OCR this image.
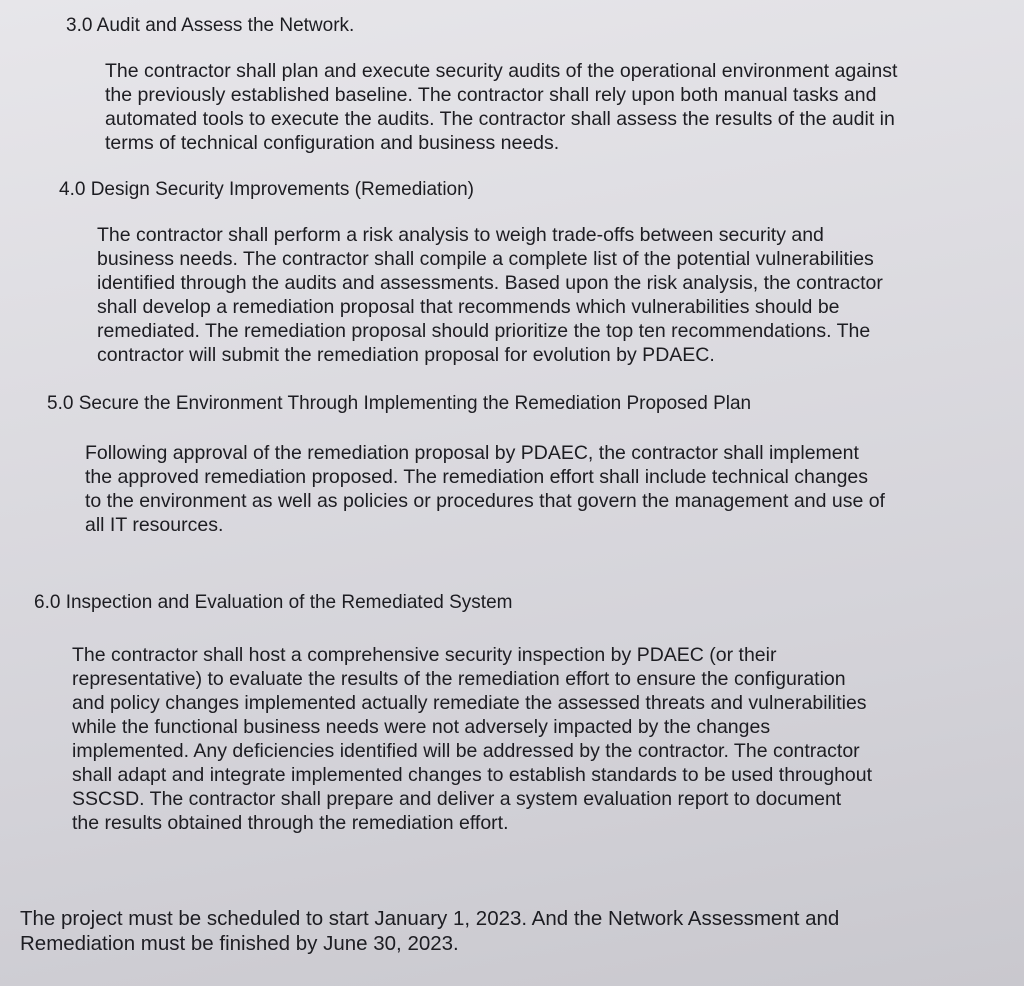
3.0 Audit and Assess the Network.
The contractor shall plan and execute security audits of the operational environment against
the previously established baseline. The contractor shall rely upon both manual tasks and
automated tools to execute the audits. The contractor shall assess the results of the audit in
terms of technical configuration and business needs.
4.0 Design Security Improvements (Remediation)
The contractor shall perform a risk analysis to weigh trade-offs between security and
business needs. The contractor shall compile a complete list of the potential vulnerabilities
identified through the audits and assessments. Based upon the risk analysis, the contractor
shall develop a remediation proposal that recommends which vulnerabilities should be
remediated. The remediation proposal should prioritize the top ten recommendations. The
contractor will submit the remediation proposal for evolution by PDAEC.
5.0 Secure the Environment Through Implementing the Remediation Proposed Plan
Following approval of the remediation proposal by PDAEC, the contractor shall implement
the approved remediation proposed. The remediation effort shall include technical changes
to the environment as well as policies or procedures that govern the management and use of
all IT resources.
6.0 Inspection and Evaluation of the Remediated System
The contractor shall host a comprehensive security inspection by PDAEC (or their
representative) to evaluate the results of the remediation effort to ensure the configuration
and policy changes implemented actually remediate the assessed threats and vulnerabilities
while the functional business needs were not adversely impacted by the changes
implemented. Any deficiencies identified will be addressed by the contractor. The contractor
shall adapt and integrate implemented changes to establish standards to be used throughout
SSCSD. The contractor shall prepare and deliver a system evaluation report to document
the results obtained through the remediation effort.
The project must be scheduled to start January 1, 2023. And the Network Assessment and
Remediation must be finished by June 30, 2023.
